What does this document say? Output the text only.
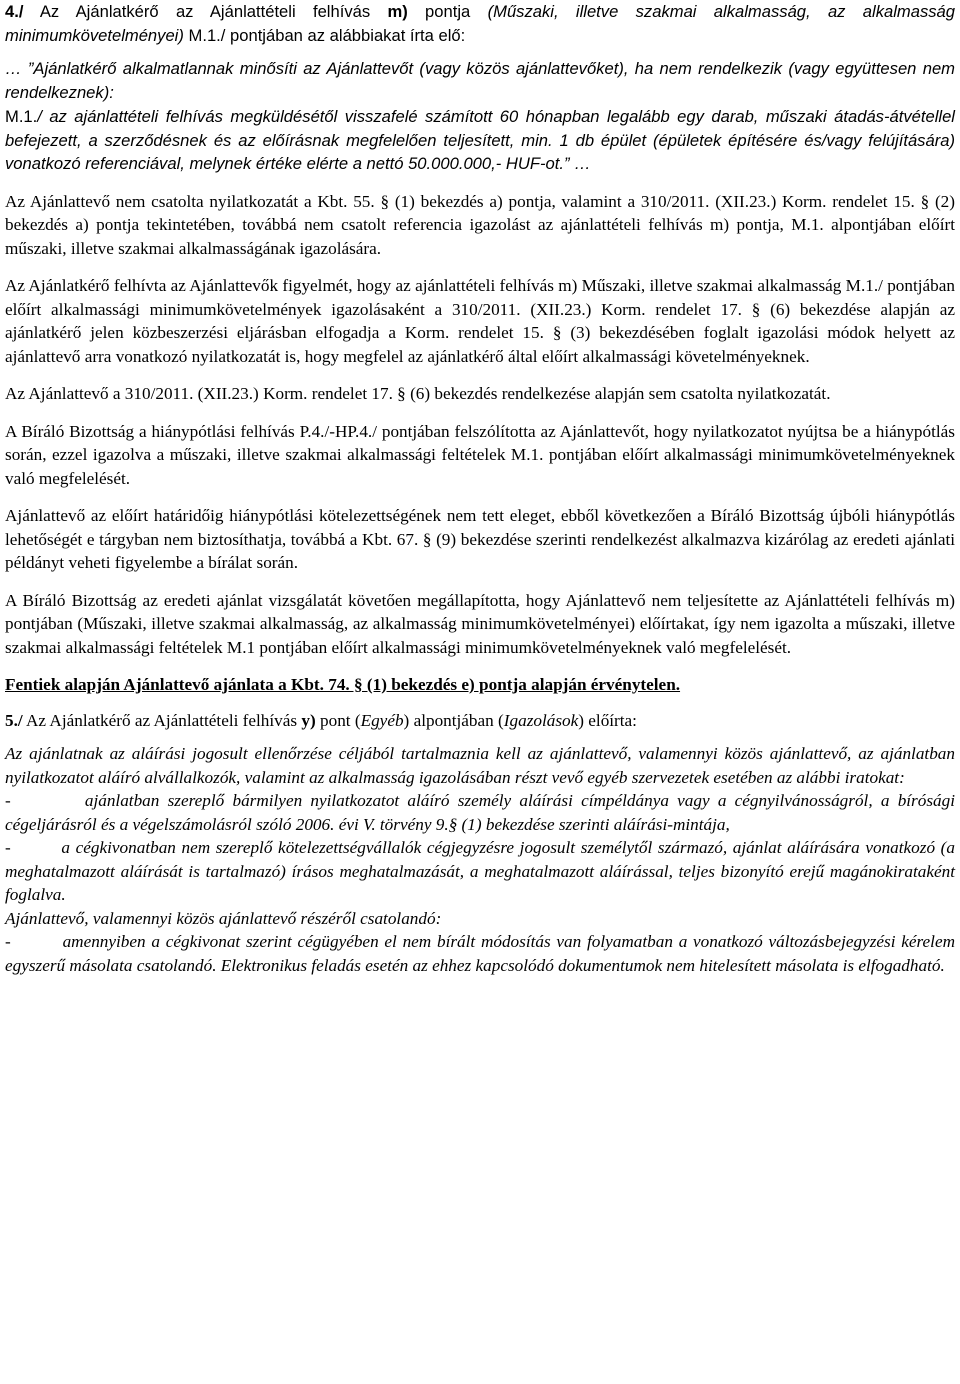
4./ Az Ajánlatkérő az Ajánlattételi felhívás m) pontja (Műszaki, illetve szakmai alkalmasság, az alkalmasság minimumkövetelményei) M.1./ pontjában az alábbiakat írta elő:

… ”Ajánlatkérő alkalmatlannak minősíti az Ajánlattevőt (vagy közös ajánlattevőket), ha nem rendelkezik (vagy együttesen nem rendelkeznek):

M.1./ az ajánlattételi felhívás megküldésétől visszafelé számított 60 hónapban legalább egy darab, műszaki átadás-átvétellel befejezett, a szerződésnek és az előírásnak megfelelően teljesített, min. 1 db épület (épületek építésére és/vagy felújítására) vonatkozó referenciával, melynek értéke elérte a nettó 50.000.000,- HUF-ot.” …

Az Ajánlattevő nem csatolta nyilatkozatát a Kbt. 55. § (1) bekezdés a) pontja, valamint a 310/2011. (XII.23.) Korm. rendelet 15. § (2) bekezdés a) pontja tekintetében, továbbá nem csatolt referencia igazolást az ajánlattételi felhívás m) pontja, M.1. alpontjában előírt műszaki, illetve szakmai alkalmasságának igazolására.

Az Ajánlatkérő felhívta az Ajánlattevők figyelmét, hogy az ajánlattételi felhívás m) Műszaki, illetve szakmai alkalmasság M.1./ pontjában előírt alkalmassági minimumkövetelmények igazolásaként a 310/2011. (XII.23.) Korm. rendelet 17. § (6) bekezdése alapján az ajánlatkérő jelen közbeszerzési eljárásban elfogadja a Korm. rendelet 15. § (3) bekezdésében foglalt igazolási módok helyett az ajánlattevő arra vonatkozó nyilatkozatát is, hogy megfelel az ajánlatkérő által előírt alkalmassági követelményeknek.

Az Ajánlattevő a 310/2011. (XII.23.) Korm. rendelet 17. § (6) bekezdés rendelkezése alapján sem csatolta nyilatkozatát.

A Bíráló Bizottság a hiánypótlási felhívás P.4./-HP.4./ pontjában felszólította az Ajánlattevőt, hogy nyilatkozatot nyújtsa be a hiánypótlás során, ezzel igazolva a műszaki, illetve szakmai alkalmassági feltételek M.1. pontjában előírt alkalmassági minimumkövetelményeknek való megfelelését.

Ajánlattevő az előírt határidőig hiánypótlási kötelezettségének nem tett eleget, ebből következően a Bíráló Bizottság újbóli hiánypótlás lehetőségét e tárgyban nem biztosíthatja, továbbá a Kbt. 67. § (9) bekezdése szerinti rendelkezést alkalmazva kizárólag az eredeti ajánlati példányt veheti figyelembe a bírálat során.

A Bíráló Bizottság az eredeti ajánlat vizsgálatát követően megállapította, hogy Ajánlattevő nem teljesítette az Ajánlattételi felhívás m) pontjában (Műszaki, illetve szakmai alkalmasság, az alkalmasság minimumkövetelményei) előírtakat, így nem igazolta a műszaki, illetve szakmai alkalmassági feltételek M.1 pontjában előírt alkalmassági minimumkövetelményeknek való megfelelését.

Fentiek alapján Ajánlattevő ajánlata a Kbt. 74. § (1) bekezdés e) pontja alapján érvénytelen.

5./ Az Ajánlatkérő az Ajánlattételi felhívás y) pont (Egyéb) alpontjában (Igazolások) előírta:

Az ajánlatnak az aláírási jogosult ellenőrzése céljából tartalmaznia kell az ajánlattevő, valamennyi közös ajánlattevő, az ajánlatban nyilatkozatot aláíró alvállalkozók, valamint az alkalmasság igazolásában részt vevő egyéb szervezetek esetében az alábbi iratokat:

-         ajánlatban szereplő bármilyen nyilatkozatot aláíró személy aláírási címpéldánya vagy a cégnyilvánosságról, a bírósági cégeljárásról és a végelszámolásról szóló 2006. évi V. törvény 9.§ (1) bekezdése szerinti aláírási-mintája,

-         a cégkivonatban nem szereplő kötelezettségvállalók cégjegyzésre jogosult személytől származó, ajánlat aláírására vonatkozó (a meghatalmazott aláírását is tartalmazó) írásos meghatalmazását, a meghatalmazott aláírással, teljes bizonyító erejű magánokirataként foglalva.

Ajánlattevő, valamennyi közös ajánlattevő részéről csatolandó:

-         amennyiben a cégkivonat szerint cégügyében el nem bírált módosítás van folyamatban a vonatkozó változásbejegyzési kérelem egyszerű másolata csatolandó. Elektronikus feladás esetén az ehhez kapcsolódó dokumentumok nem hitelesített másolata is elfogadható.
